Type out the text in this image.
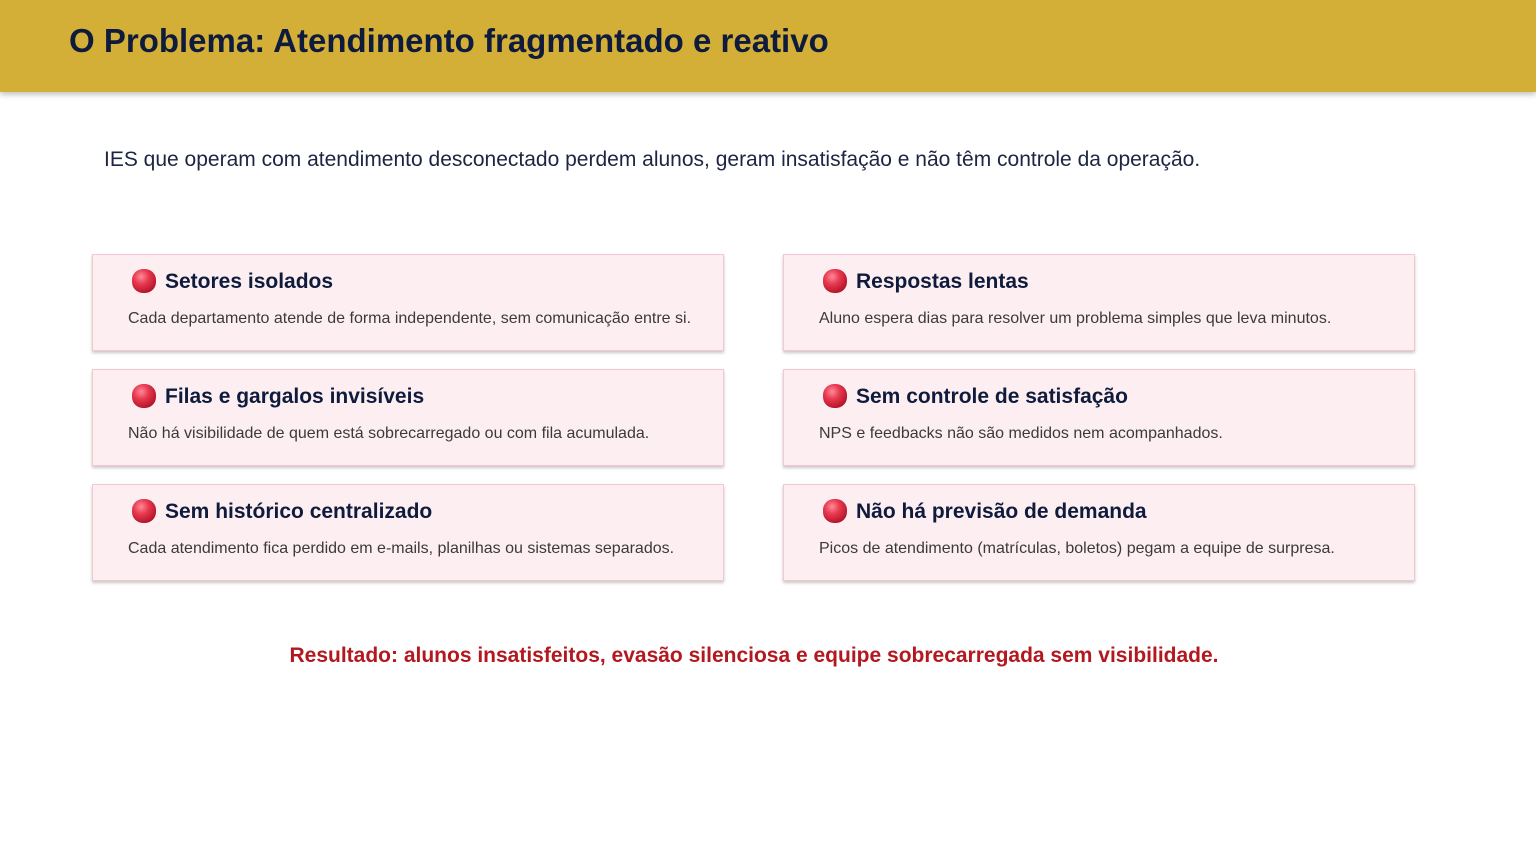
O Problema: Atendimento fragmentado e reativo

IES que operam com atendimento desconectado perdem alunos, geram insatisfação e não têm controle da operação.

Setores isolados

Cada departamento atende de forma independente, sem comunicação entre si.

Respostas lentas

Aluno espera dias para resolver um problema simples que leva minutos.

Filas e gargalos invisíveis

Não há visibilidade de quem está sobrecarregado ou com fila acumulada.

Sem controle de satisfação

NPS e feedbacks não são medidos nem acompanhados.

Sem histórico centralizado

Cada atendimento fica perdido em e-mails, planilhas ou sistemas separados.

Não há previsão de demanda

Picos de atendimento (matrículas, boletos) pegam a equipe de surpresa.

Resultado: alunos insatisfeitos, evasão silenciosa e equipe sobrecarregada sem visibilidade.
